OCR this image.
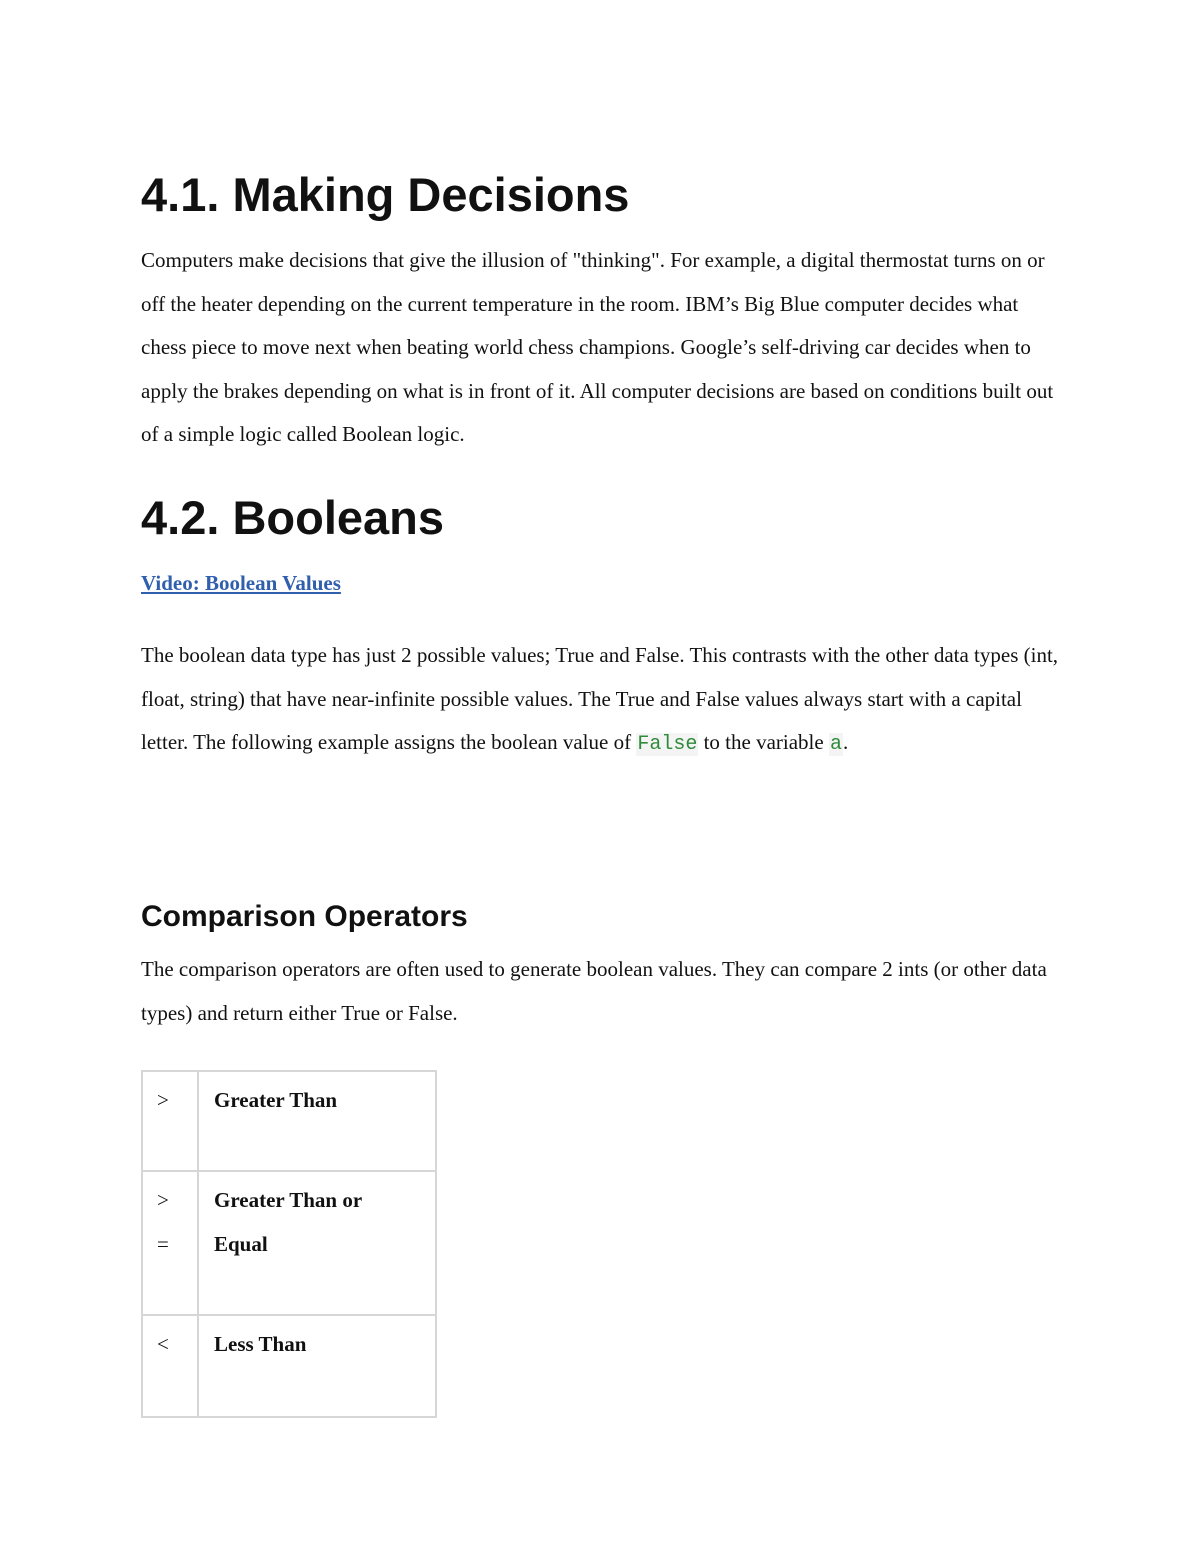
4.1. Making Decisions

Computers make decisions that give the illusion of "thinking". For example, a digital thermostat turns on or off the heater depending on the current temperature in the room. IBM’s Big Blue computer decides what chess piece to move next when beating world chess champions. Google’s self-driving car decides when to apply the brakes depending on what is in front of it. All computer decisions are based on conditions built out of a simple logic called Boolean logic.

4.2. Booleans

Video: Boolean Values

The boolean data type has just 2 possible values; True and False. This contrasts with the other data types (int, float, string) that have near-infinite possible values. The True and False values always start with a capital letter. The following example assigns the boolean value of False to the variable a.

Comparison Operators

The comparison operators are often used to generate boolean values. They can compare 2 ints (or other data types) and return either True or False.

>	Greater Than

>
=	Greater Than or Equal

<	Less Than
